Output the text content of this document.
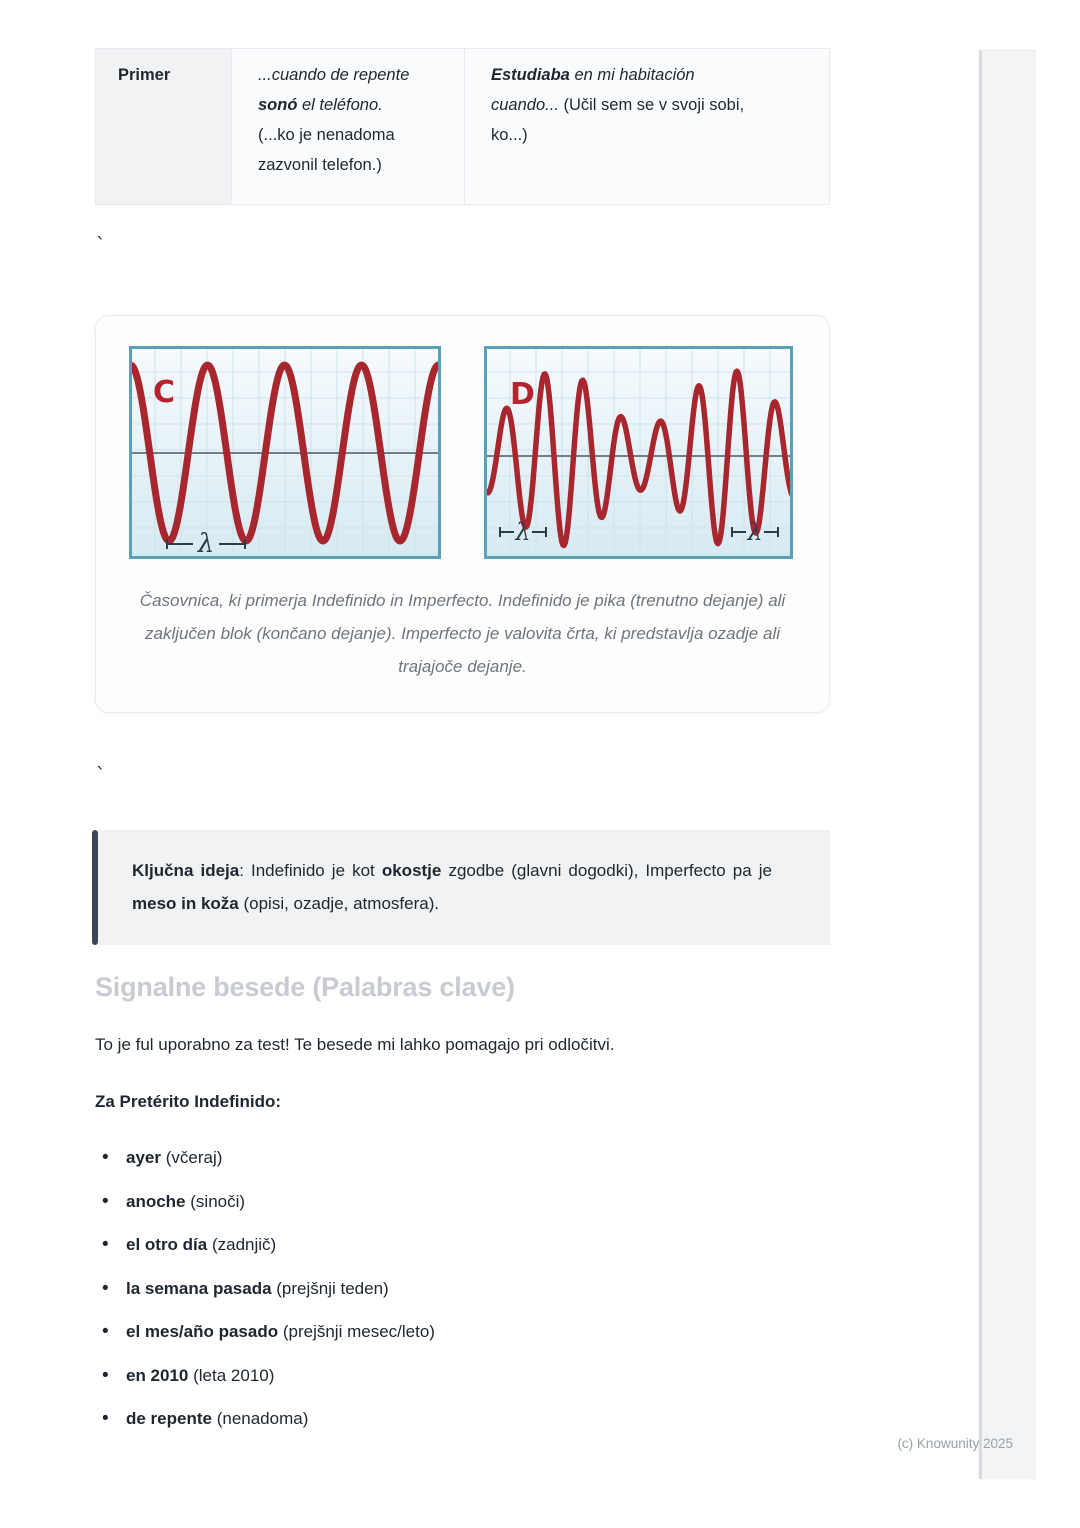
Primer	...cuando de repente
sonó el teléfono.
(...ko je nenadoma
zazvonil telefon.)
Estudiaba en mi habitación
cuando... (Učil sem se v svoji sobi,
ko...)
`
λ
C
λ	λ
D
Časovnica, ki primerja Indefinido in Imperfecto. Indefinido je pika (trenutno dejanje) ali zaključen blok (končano dejanje). Imperfecto je valovita črta, ki predstavlja ozadje ali trajajoče dejanje.
`
Ključna ideja: Indefinido je kot okostje zgodbe (glavni dogodki), Imperfecto pa je meso in koža (opisi, ozadje, atmosfera).
Signalne besede (Palabras clave)

To je ful uporabno za test! Te besede mi lahko pomagajo pri odločitvi.

Za Pretérito Indefinido:

• ayer (včeraj)
• anoche (sinoči)
• el otro día (zadnjič)
• la semana pasada (prejšnji teden)
• el mes/año pasado (prejšnji mesec/leto)
• en 2010 (leta 2010)
• de repente (nenadoma)
(c) Knowunity 2025
